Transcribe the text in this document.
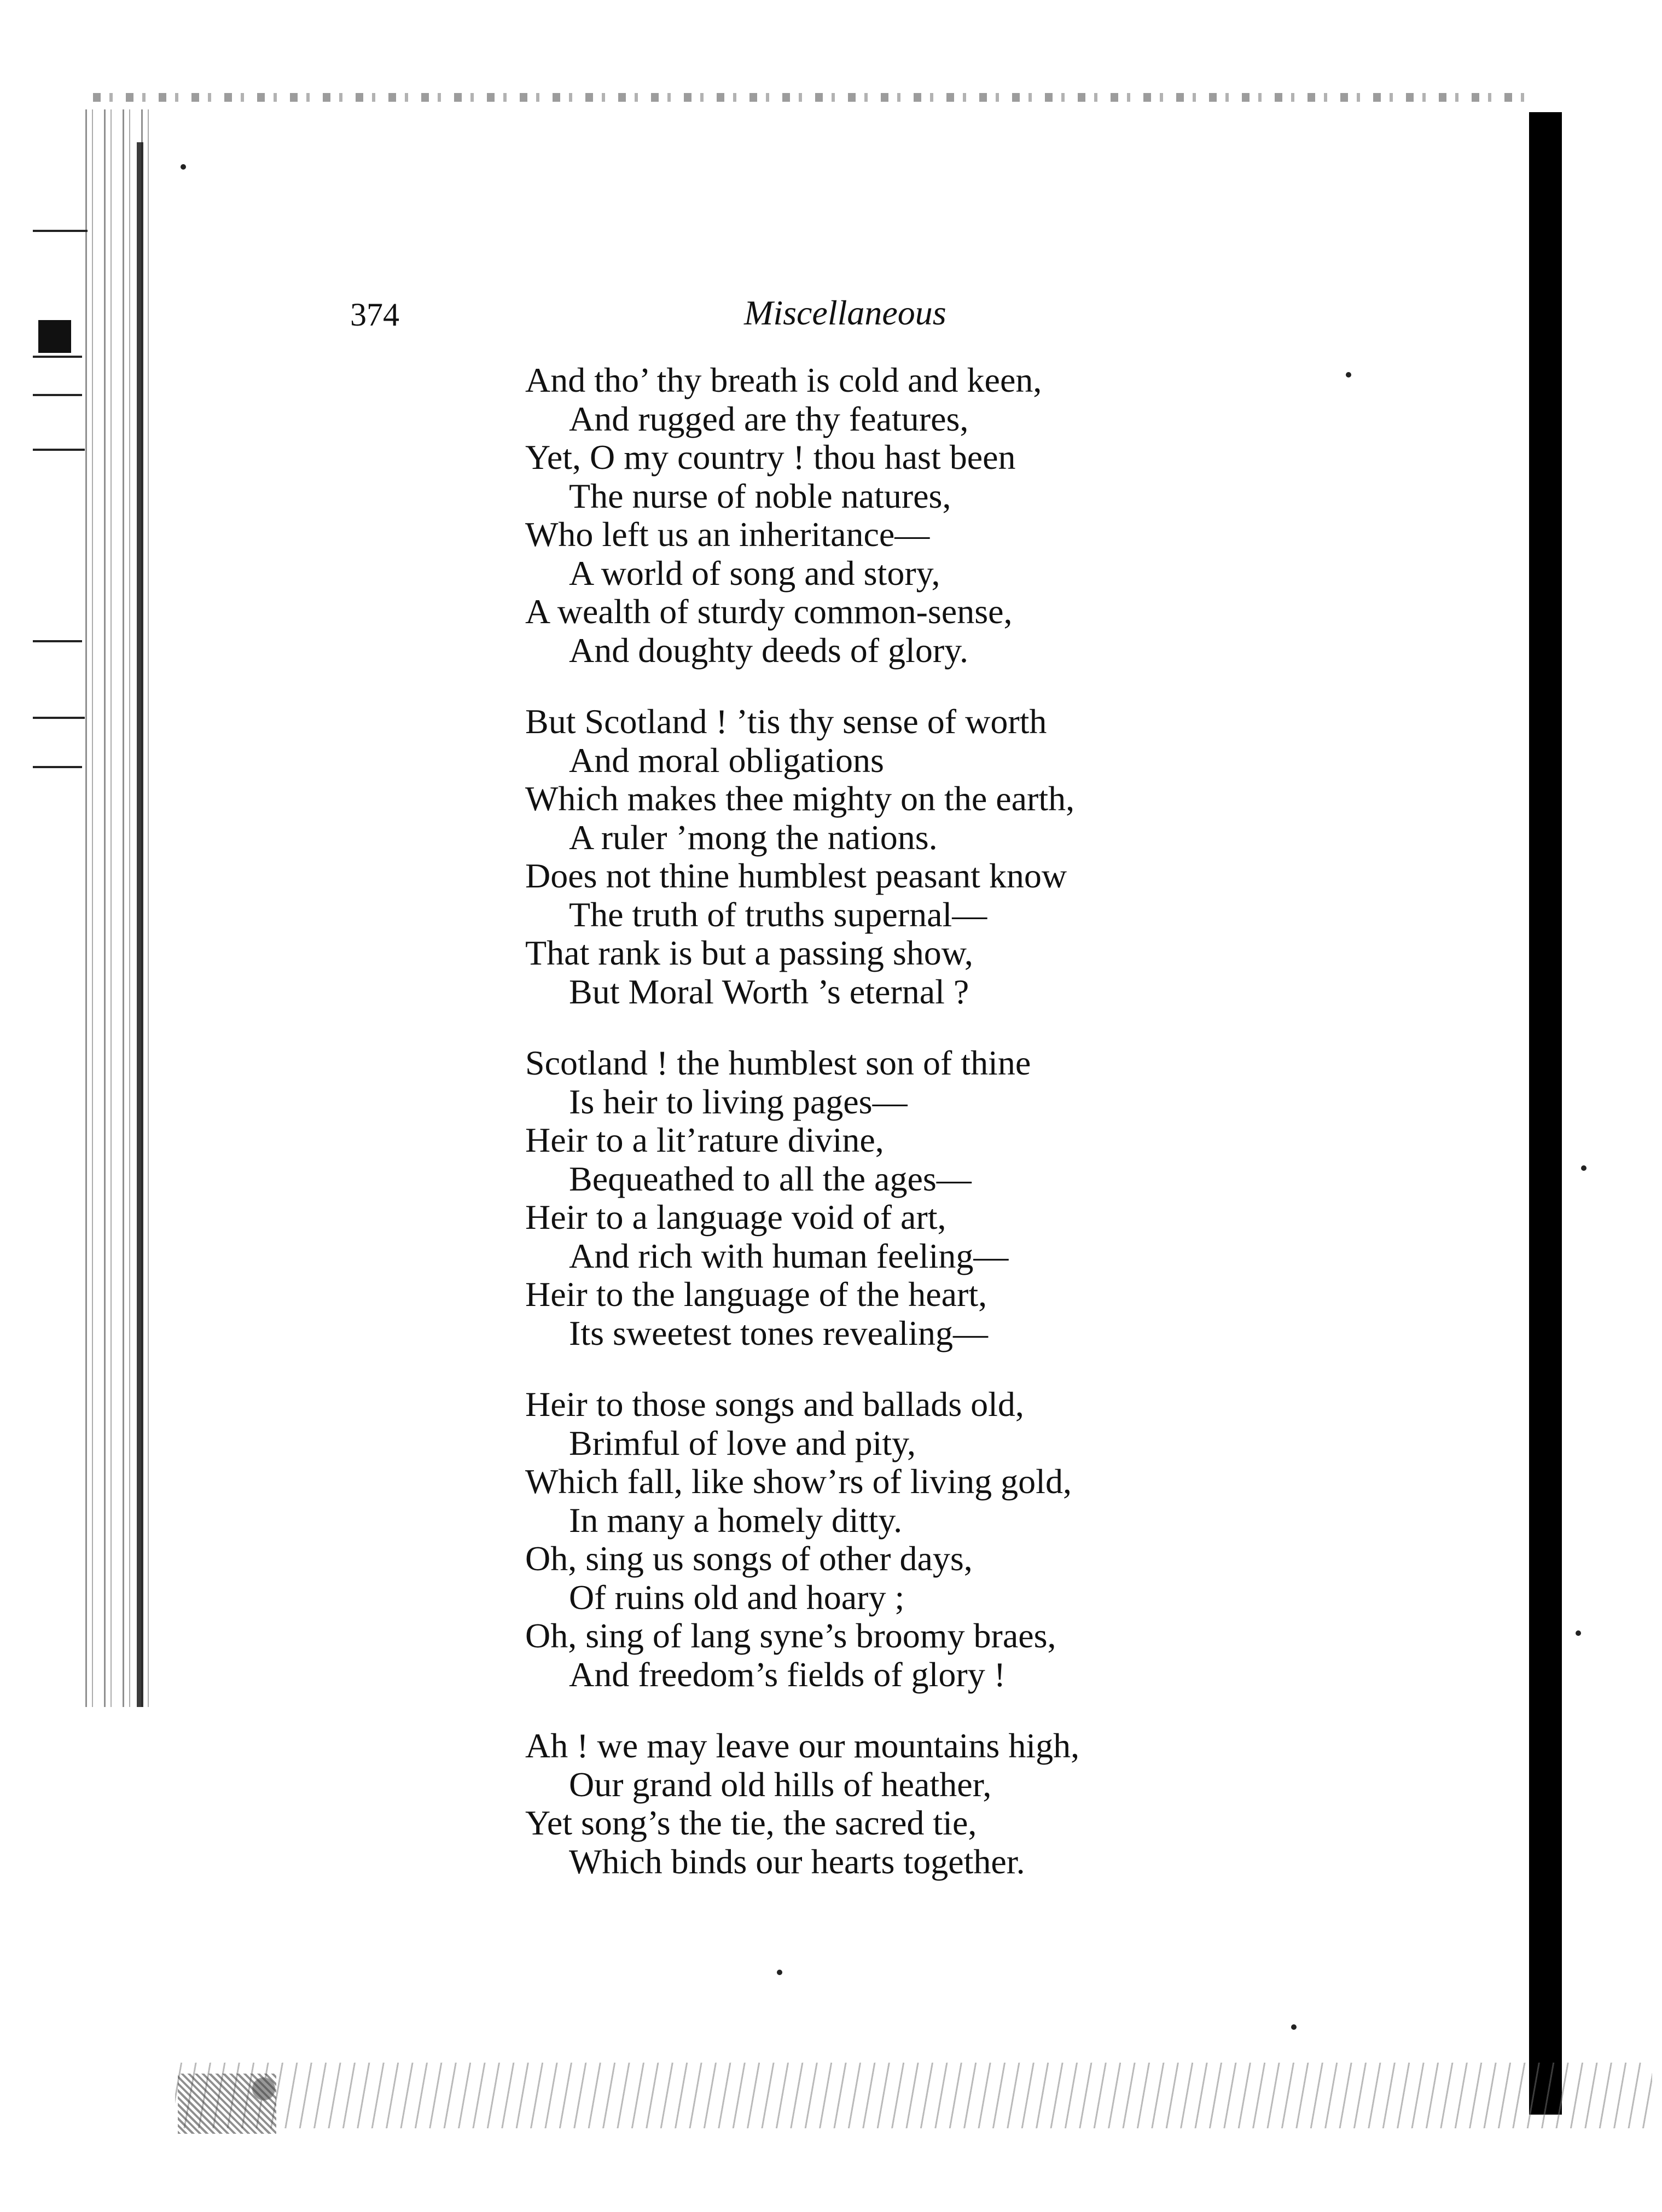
374	Miscellaneous
And tho’ thy breath is cold and keen,
And rugged are thy features,
Yet, O my country ! thou hast been
The nurse of noble natures,
Who left us an inheritance—
A world of song and story,
A wealth of sturdy common-sense,
And doughty deeds of glory.
But Scotland ! ’tis thy sense of worth
And moral obligations
Which makes thee mighty on the earth,
A ruler ’mong the nations.
Does not thine humblest peasant know
The truth of truths supernal—
That rank is but a passing show,
But Moral Worth ’s eternal ?
Scotland ! the humblest son of thine
Is heir to living pages—
Heir to a lit’rature divine,
Bequeathed to all the ages—
Heir to a language void of art,
And rich with human feeling—
Heir to the language of the heart,
Its sweetest tones revealing—
Heir to those songs and ballads old,
Brimful of love and pity,
Which fall, like show’rs of living gold,
In many a homely ditty.
Oh, sing us songs of other days,
Of ruins old and hoary ;
Oh, sing of lang syne’s broomy braes,
And freedom’s fields of glory !
Ah ! we may leave our mountains high,
Our grand old hills of heather,
Yet song’s the tie, the sacred tie,
Which binds our hearts together.
